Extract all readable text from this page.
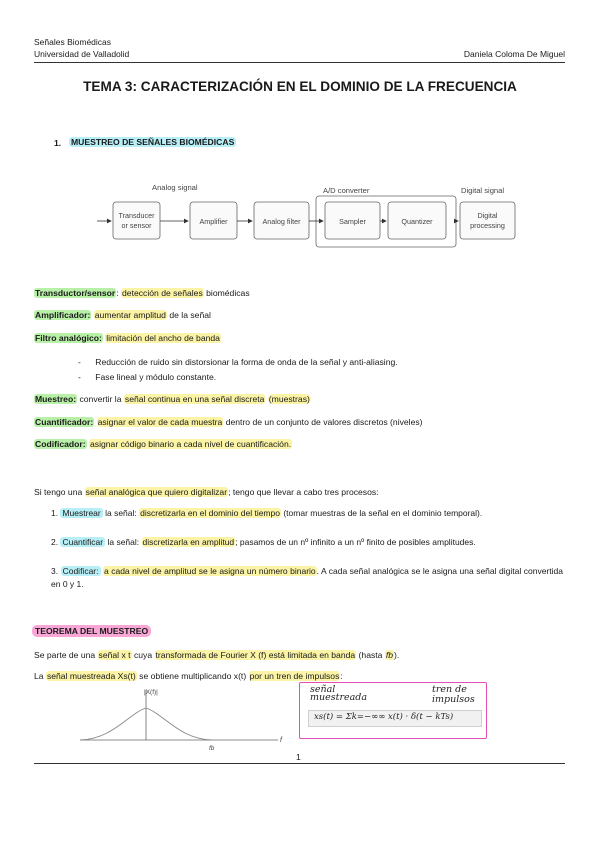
Señales Biomédicas
Universidad de Valladolid	Daniela Coloma De Miguel
TEMA 3: CARACTERIZACIÓN EN EL DOMINIO DE LA FRECUENCIA
1. MUESTREO DE SEÑALES BIOMÉDICAS
Analog signal	A/D converter	Digital signal
Transducer
or sensor	Amplifier	Analog filter	Sampler	Quantizer
Digital
processing
Transductor/sensor: detección de señales biomédicas
Amplificador: aumentar amplitud de la señal
Filtro analógico: limitación del ancho de banda
- Reducción de ruido sin distorsionar la forma de onda de la señal y anti-aliasing.
- Fase lineal y módulo constante.
Muestreo: convertir la señal continua en una señal discreta (muestras)
Cuantificador: asignar el valor de cada muestra dentro de un conjunto de valores discretos (niveles)
Codificador: asignar código binario a cada nivel de cuantificación.
Si tengo una señal analógica que quiero digitalizar; tengo que llevar a cabo tres procesos:
1. Muestrear la señal: discretizarla en el dominio del tiempo (tomar muestras de la señal en el dominio temporal).
2. Cuantificar la señal: discretizarla en amplitud; pasamos de un nº infinito a un nº finito de posibles amplitudes.
3. Codificar: a cada nivel de amplitud se le asigna un número binario. A cada señal analógica se le asigna una señal digital convertida en 0 y 1.
TEOREMA DEL MUESTREO
Se parte de una señal x t cuya transformada de Fourier X (f) está limitada en banda (hasta fb).
La señal muestreada Xs(t) se obtiene multiplicando x(t) por un tren de impulsos:
|X(f)|
fb
f
señal
muestreada
tren de
impulsos
xs(t) = Σk=−∞∞ x(t) · δ(t − kTs)
1
